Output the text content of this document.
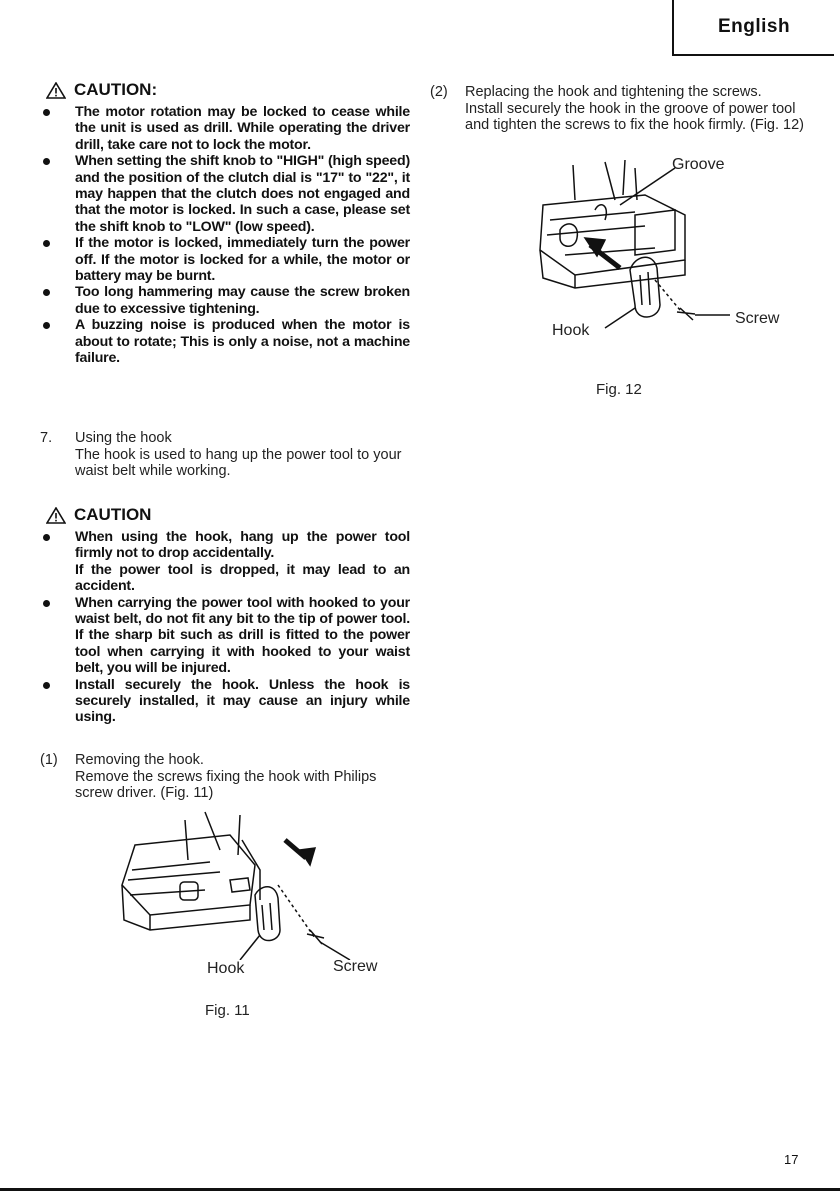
English
CAUTION:
The motor rotation may be locked to cease while the unit is used as drill. While operating the driver drill, take care not to lock the motor.
When setting the shift knob to "HIGH" (high speed) and the position of the clutch dial is "17" to "22", it may happen that the clutch does not engaged and that the motor is locked. In such a case, please set the shift knob to "LOW" (low speed).
If the motor is locked, immediately turn the power off. If the motor is locked for a while, the motor or battery may be burnt.
Too long hammering may cause the screw broken due to excessive tightening.
A buzzing noise is produced when the motor is about to rotate; This is only a noise, not a machine failure.
7.	Using the hook

The hook is used to hang up the power tool to your waist belt while working.

CAUTION
When using the hook, hang up the power tool firmly not to drop accidentally.
If the power tool is dropped, it may lead to an accident.
When carrying the power tool with hooked to your waist belt, do not fit any bit to the tip of power tool. If the sharp bit such as drill is fitted to the power tool when carrying it with hooked to your waist belt, you will be injured.
Install securely the hook. Unless the hook is securely installed, it may cause an injury while using.
(1)	Removing the hook.

Remove the screws fixing the hook with Philips screw driver. (Fig. 11)

Hook	Screw
Fig. 11
(2)	Replacing the hook and tightening the screws.

Install securely the hook in the groove of power tool and tighten the screws to fix the hook firmly. (Fig. 12)

Groove
Hook
Screw
Fig. 12
17
